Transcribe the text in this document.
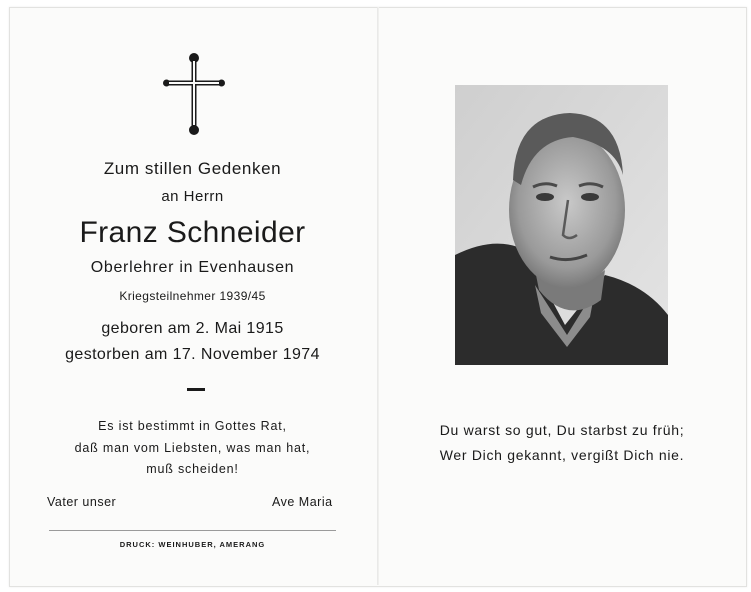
Zum stillen Gedenken
an Herrn
Franz Schneider
Oberlehrer in Evenhausen
Kriegsteilnehmer 1939/45
geboren am 2. Mai 1915
gestorben am 17. November 1974
Es ist bestimmt in Gottes Rat,
daß man vom Liebsten, was man hat,
muß scheiden!
Vater unser	Ave Maria
DRUCK: WEINHUBER, AMERANG
Du warst so gut, Du starbst zu früh;
Wer Dich gekannt, vergißt Dich nie.
